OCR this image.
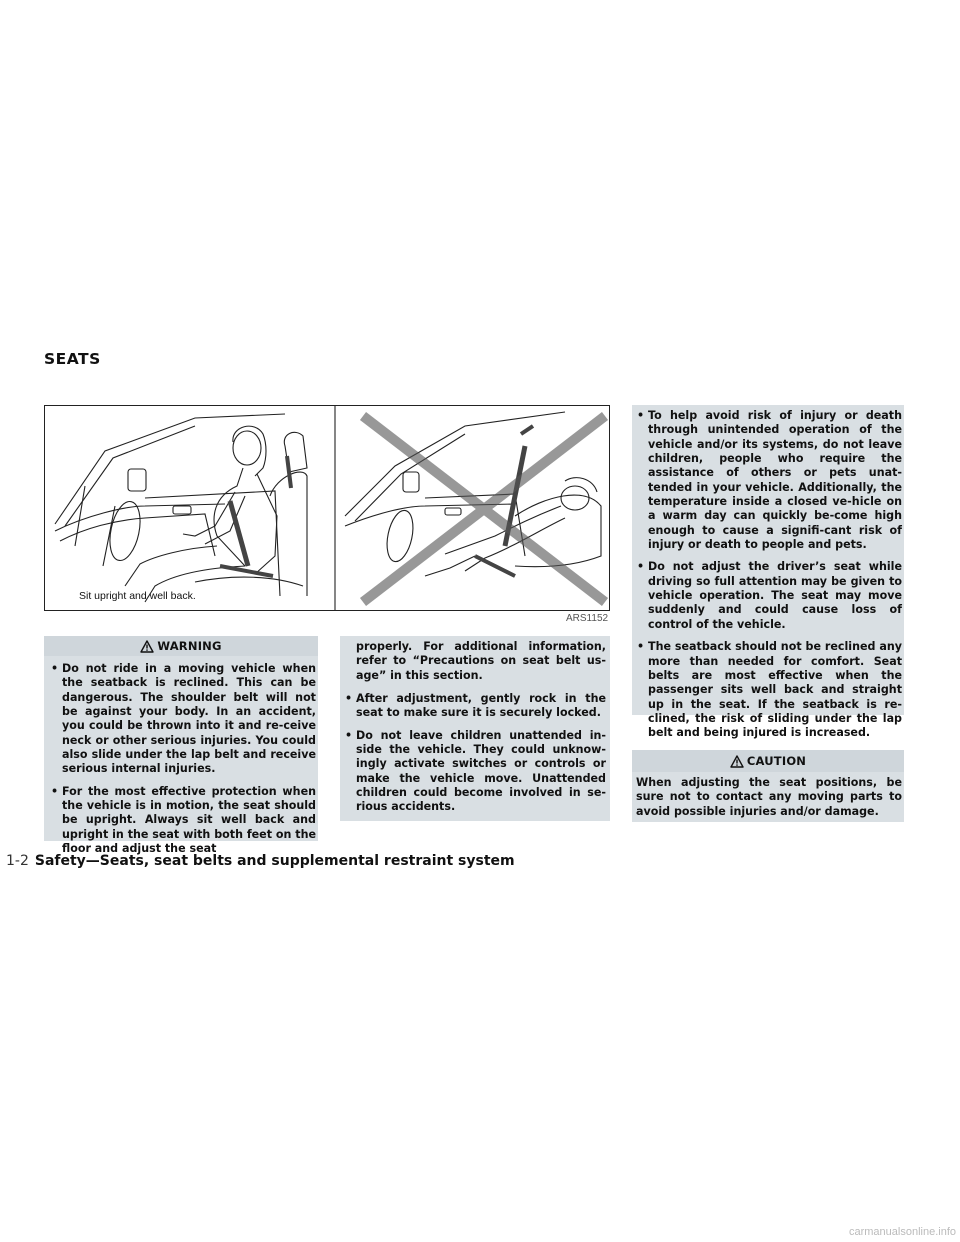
SEATS
Sit upright and well back.
ARS1152
WARNING
• Do not ride in a moving vehicle when the seatback is reclined. This can be dangerous. The shoulder belt will not be against your body. In an accident, you could be thrown into it and re-ceive neck or other serious injuries. You could also slide under the lap belt and receive serious internal injuries.
• For the most effective protection when the vehicle is in motion, the seat should be upright. Always sit well back and upright in the seat with both feet on the floor and adjust the seat
properly. For additional information, refer to “Precautions on seat belt us-age” in this section.
• After adjustment, gently rock in the seat to make sure it is securely locked.
• Do not leave children unattended in-side the vehicle. They could unknow-ingly activate switches or controls or make the vehicle move. Unattended children could become involved in se-rious accidents.
• To help avoid risk of injury or death through unintended operation of the vehicle and/or its systems, do not leave children, people who require the assistance of others or pets unat-tended in your vehicle. Additionally, the temperature inside a closed ve-hicle on a warm day can quickly be-come high enough to cause a signifi-cant risk of injury or death to people and pets.
• Do not adjust the driver’s seat while driving so full attention may be given to vehicle operation. The seat may move suddenly and could cause loss of control of the vehicle.
• The seatback should not be reclined any more than needed for comfort. Seat belts are most effective when the passenger sits well back and straight up in the seat. If the seatback is re-clined, the risk of sliding under the lap belt and being injured is increased.
CAUTION
When adjusting the seat positions, be sure not to contact any moving parts to avoid possible injuries and/or damage.
1-2 Safety—Seats, seat belts and supplemental restraint system
carmanualsonline.info
